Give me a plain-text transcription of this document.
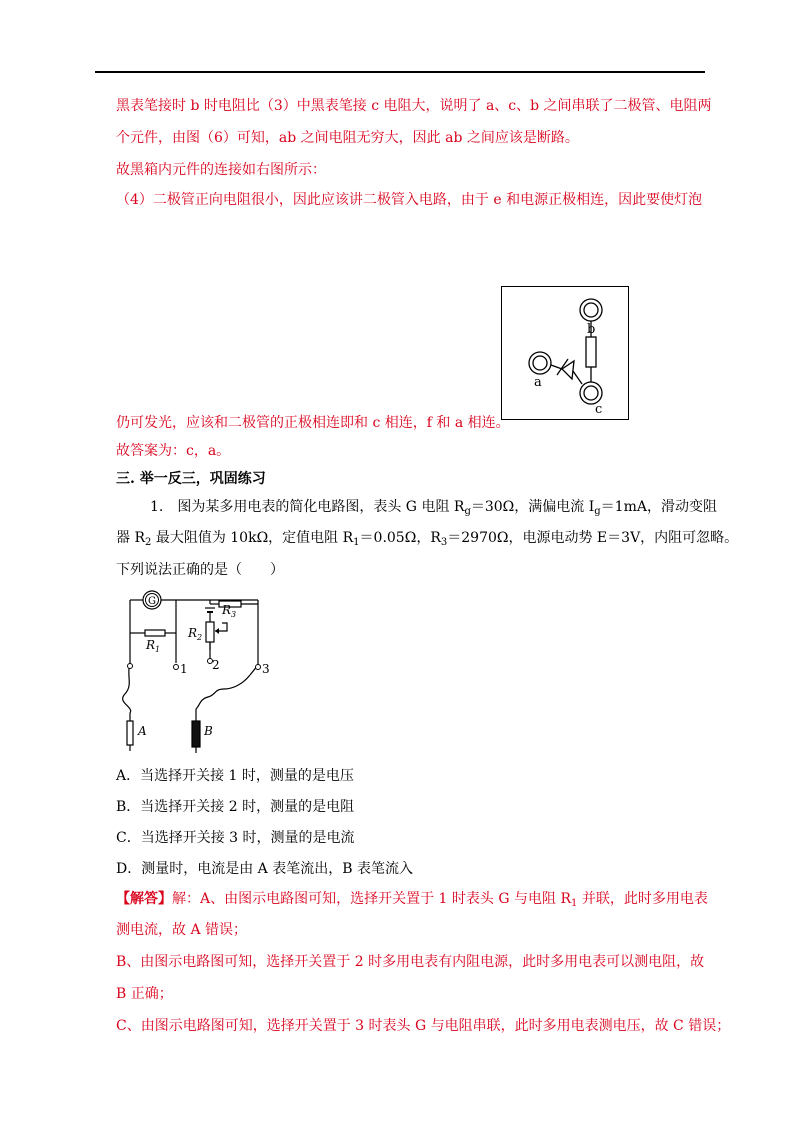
黑表笔接时 b 时电阻比（3）中黑表笔接 c 电阻大，说明了 a、c、b 之间串联了二极管、电阻两
个元件，由图（6）可知，ab 之间电阻无穷大，因此 ab 之间应该是断路。
故黑箱内元件的连接如右图所示：
（4）二极管正向电阻很小，因此应该讲二极管入电路，由于 e 和电源正极相连，因此要使灯泡
b
a
c
仍可发光，应该和二极管的正极相连即和 c 相连，f 和 a 相连。
故答案为：c，a。
三. 举一反三，巩固练习
1.　图为某多用电表的简化电路图，表头 G 电阻 $R_g=30\Omega$，满偏电流 $I_g=1mA$，滑动变阻
器 $R_2$ 最大阻值为 10kΩ，定值电阻 $R_1=0.05\Omega$，$R_3=2970\Omega$，电源电动势 E＝3V，内阻可忽略。
下列说法正确的是（　　）
G
$R_1$
$R_2$
$R_3$
1 2	3
A	B
A．当选择开关接 1 时，测量的是电压
B．当选择开关接 2 时，测量的是电阻
C．当选择开关接 3 时，测量的是电流
D．测量时，电流是由 A 表笔流出，B 表笔流入
【解答】解：A、由图示电路图可知，选择开关置于 1 时表头 G 与电阻 $R_1$ 并联，此时多用电表
测电流，故 A 错误；
B、由图示电路图可知，选择开关置于 2 时多用电表有内阻电源，此时多用电表可以测电阻，故
B 正确；
C、由图示电路图可知，选择开关置于 3 时表头 G 与电阻串联，此时多用电表测电压，故 C 错误；
